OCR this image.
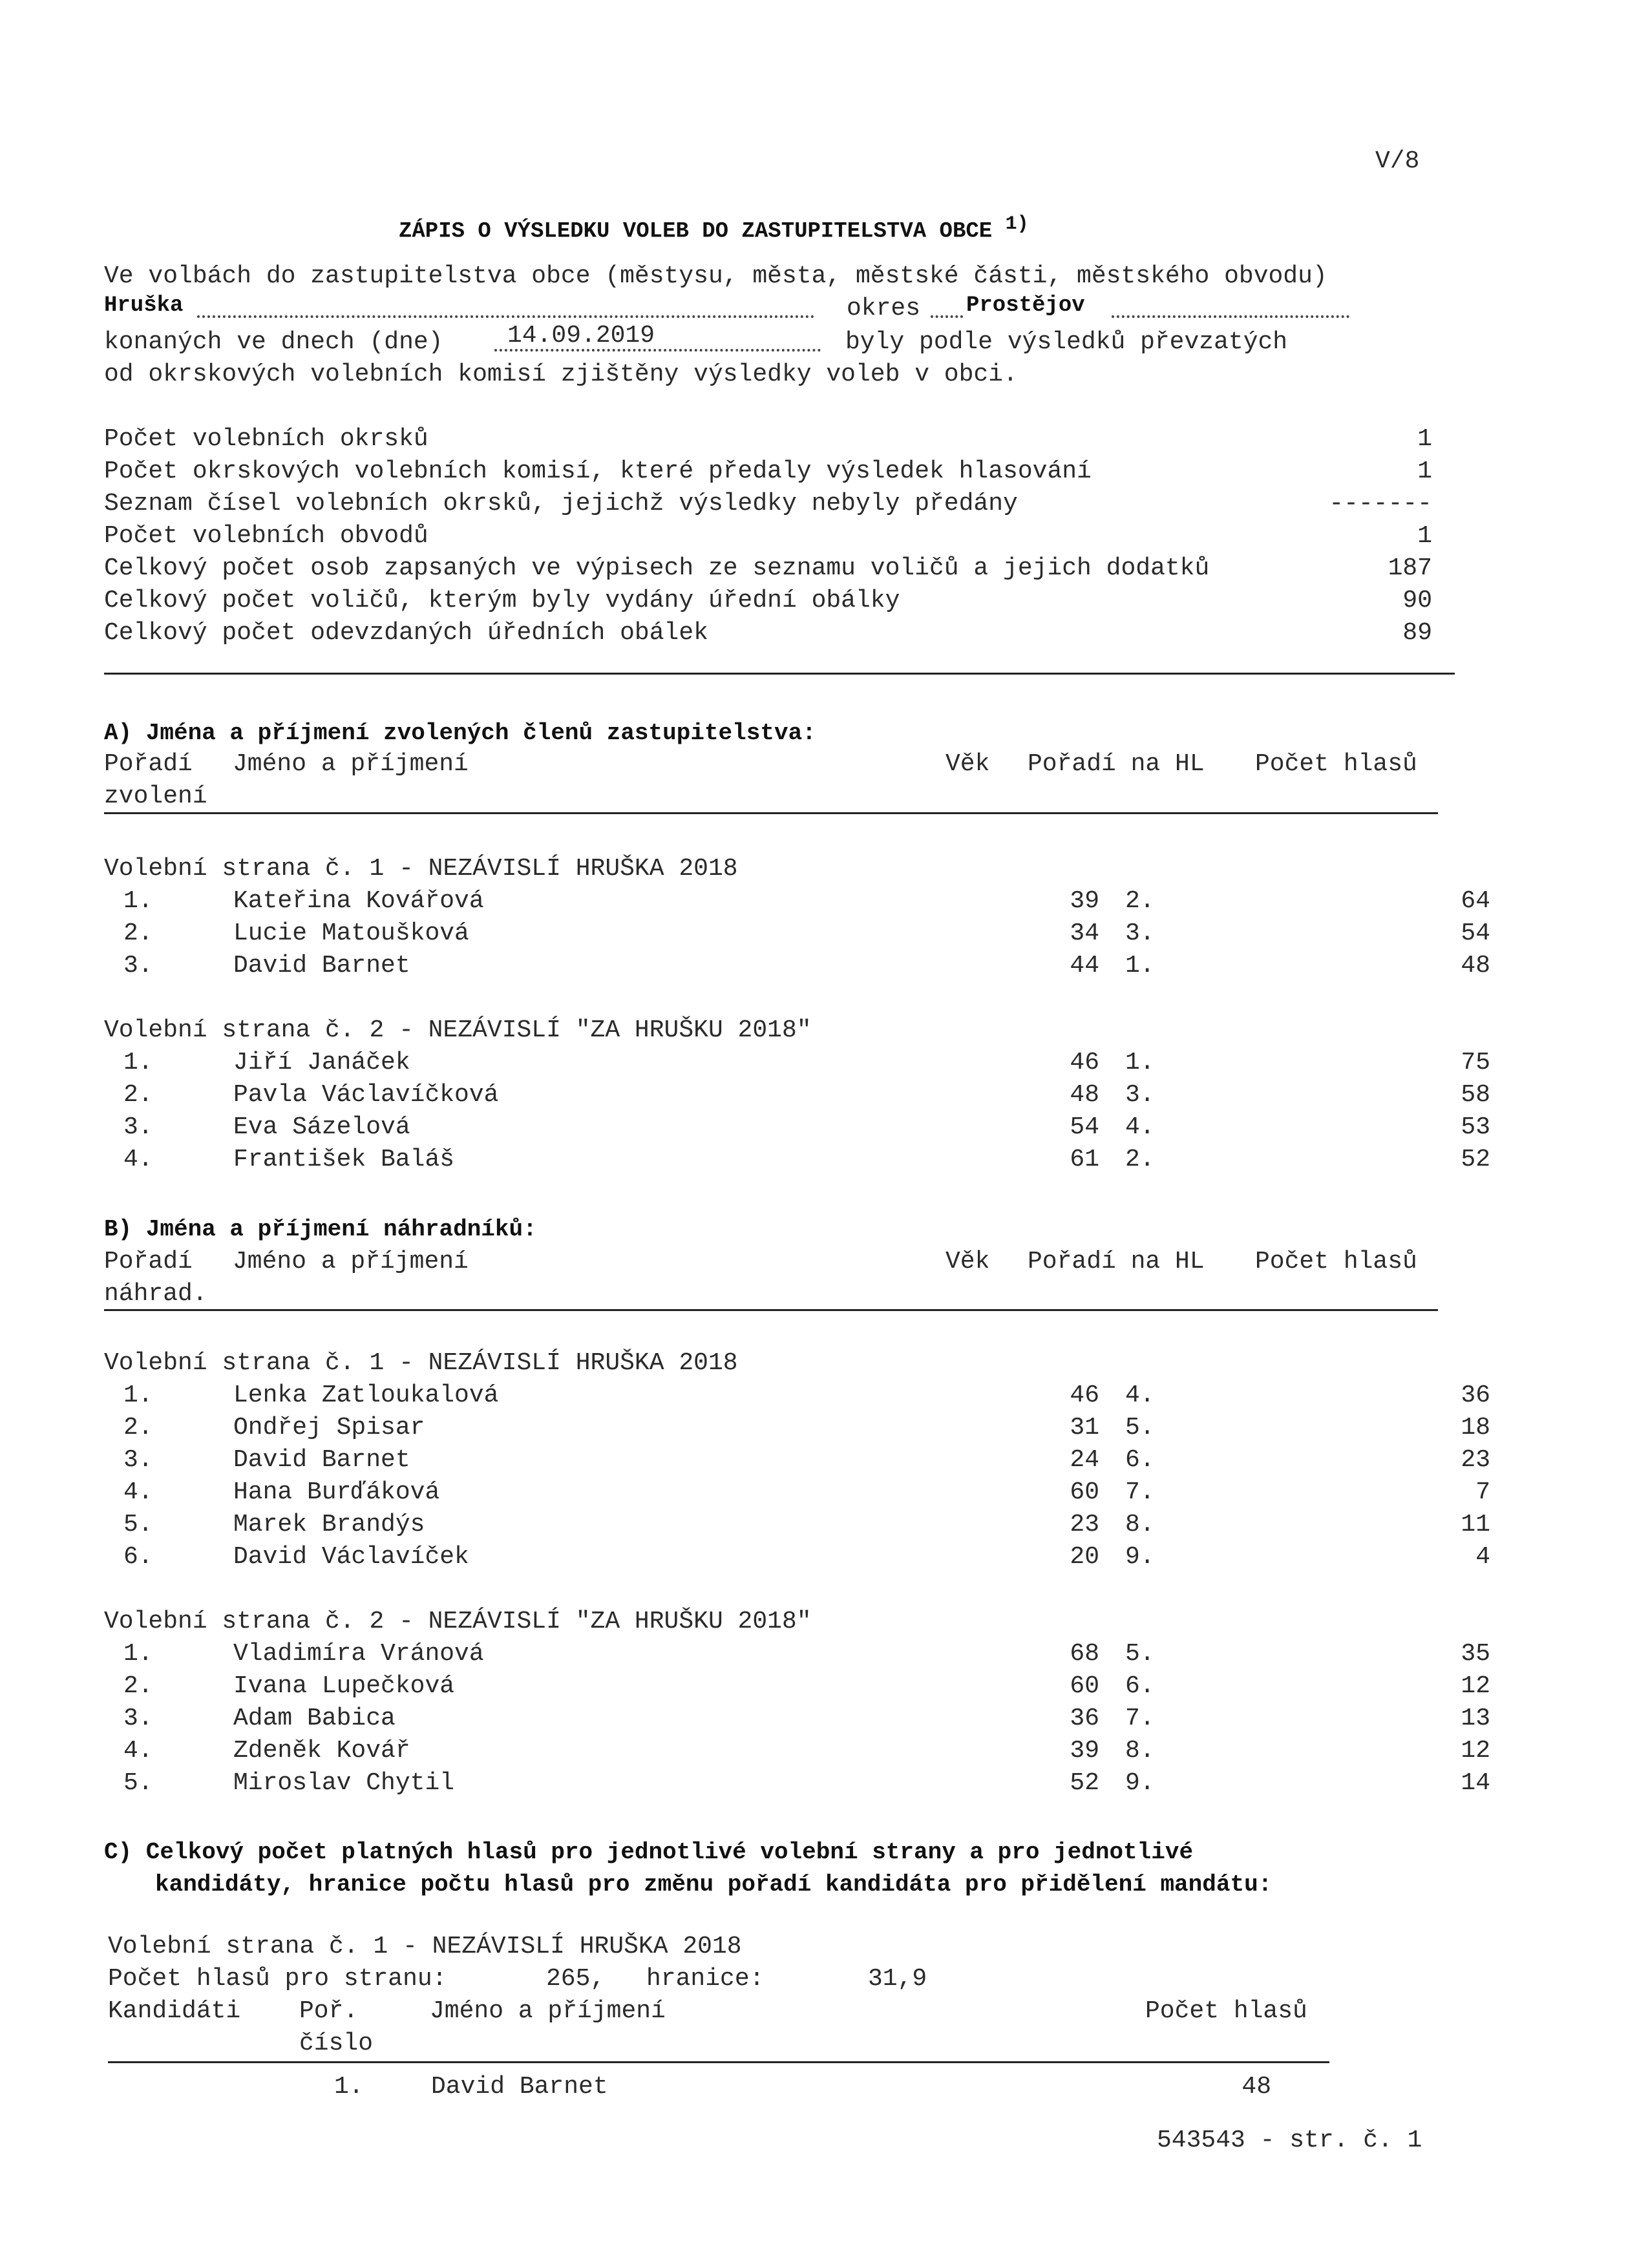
V/8
ZÁPIS O VÝSLEDKU VOLEB DO ZASTUPITELSTVA OBCE $^{1)}$
Ve volbách do zastupitelstva obce (městysu, města, městské části, městského obvodu)
Hruška	okres Prostějov
konaných ve dnech (dne)	14.09.2019	byly podle výsledků převzatých
od okrskových volebních komisí zjištěny výsledky voleb v obci.
Počet volebních okrsků	1
Počet okrskových volebních komisí, které předaly výsledek hlasování	1
Seznam čísel volebních okrsků, jejichž výsledky nebyly předány	-------
Počet volebních obvodů	1
Celkový počet osob zapsaných ve výpisech ze seznamu voličů a jejich dodatků	187
Celkový počet voličů, kterým byly vydány úřední obálky	90
Celkový počet odevzdaných úředních obálek	89
A) Jména a příjmení zvolených členů zastupitelstva:
Pořadí
zvolení
Jméno a příjmení	Věk Pořadí na HL Počet hlasů
Volební strana č. 1 - NEZÁVISLÍ HRUŠKA 2018
1.	Kateřina Kovářová	39 2.	64
2.	Lucie Matoušková	34 3.	54
3.	David Barnet	44 1.	48
Volební strana č. 2 - NEZÁVISLÍ "ZA HRUŠKU 2018"
1.	Jiří Janáček	46 1.	75
2.	Pavla Václavíčková	48 3.	58
3.	Eva Sázelová	54 4.	53
4.	František Baláš	61 2.	52
B) Jména a příjmení náhradníků:
Pořadí
náhrad.
Jméno a příjmení	Věk Pořadí na HL Počet hlasů
Volební strana č. 1 - NEZÁVISLÍ HRUŠKA 2018
1.	Lenka Zatloukalová	46 4.	36
2.	Ondřej Spisar	31 5.	18
3.	David Barnet	24 6.	23
4.	Hana Burďáková	60 7.	7
5.	Marek Brandýs	23 8.	11
6.	David Václavíček	20 9.	4
Volební strana č. 2 - NEZÁVISLÍ "ZA HRUŠKU 2018"
1.	Vladimíra Vránová	68 5.	35
2.	Ivana Lupečková	60 6.	12
3.	Adam Babica	36 7.	13
4.	Zdeněk Kovář	39 8.	12
5.	Miroslav Chytil	52 9.	14
C) Celkový počet platných hlasů pro jednotlivé volební strany a pro jednotlivé
kandidáty, hranice počtu hlasů pro změnu pořadí kandidáta pro přidělení mandátu:
Volební strana č. 1 - NEZÁVISLÍ HRUŠKA 2018
Počet hlasů pro stranu:	265, hranice:	31,9
Kandidáti Poř.
číslo
Jméno a příjmení	Počet hlasů
1.	David Barnet	48
543543 - str. č. 1
